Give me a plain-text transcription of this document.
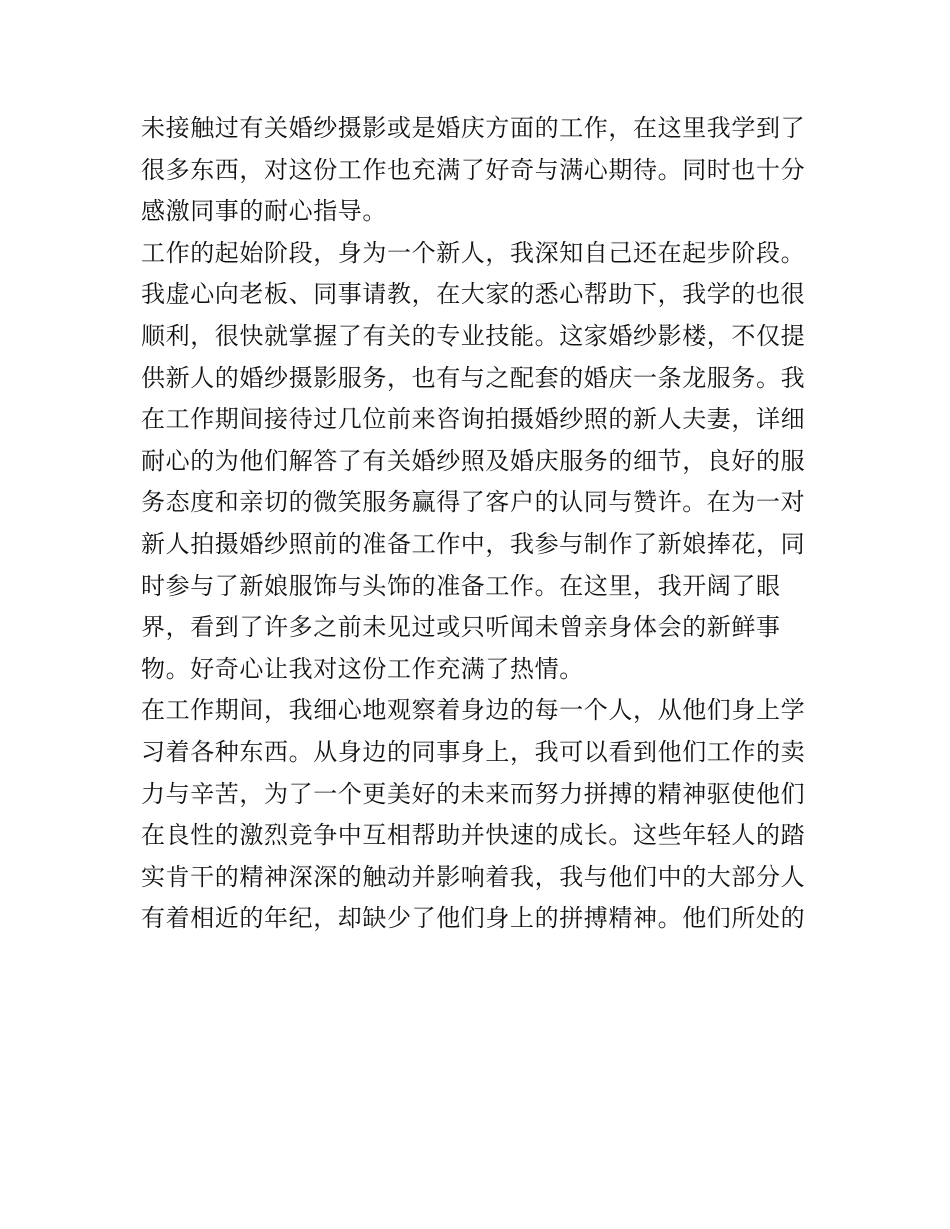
未接触过有关婚纱摄影或是婚庆方面的工作，在这里我学到了
很多东西，对这份工作也充满了好奇与满心期待。同时也十分
感激同事的耐心指导。
工作的起始阶段，身为一个新人，我深知自己还在起步阶段。
我虚心向老板、同事请教，在大家的悉心帮助下，我学的也很
顺利，很快就掌握了有关的专业技能。这家婚纱影楼，不仅提
供新人的婚纱摄影服务，也有与之配套的婚庆一条龙服务。我
在工作期间接待过几位前来咨询拍摄婚纱照的新人夫妻，详细
耐心的为他们解答了有关婚纱照及婚庆服务的细节，良好的服
务态度和亲切的微笑服务赢得了客户的认同与赞许。在为一对
新人拍摄婚纱照前的准备工作中，我参与制作了新娘捧花，同
时参与了新娘服饰与头饰的准备工作。在这里，我开阔了眼
界，看到了许多之前未见过或只听闻未曾亲身体会的新鲜事
物。好奇心让我对这份工作充满了热情。
在工作期间，我细心地观察着身边的每一个人，从他们身上学
习着各种东西。从身边的同事身上，我可以看到他们工作的卖
力与辛苦，为了一个更美好的未来而努力拼搏的精神驱使他们
在良性的激烈竞争中互相帮助并快速的成长。这些年轻人的踏
实肯干的精神深深的触动并影响着我，我与他们中的大部分人
有着相近的年纪，却缺少了他们身上的拼搏精神。他们所处的
